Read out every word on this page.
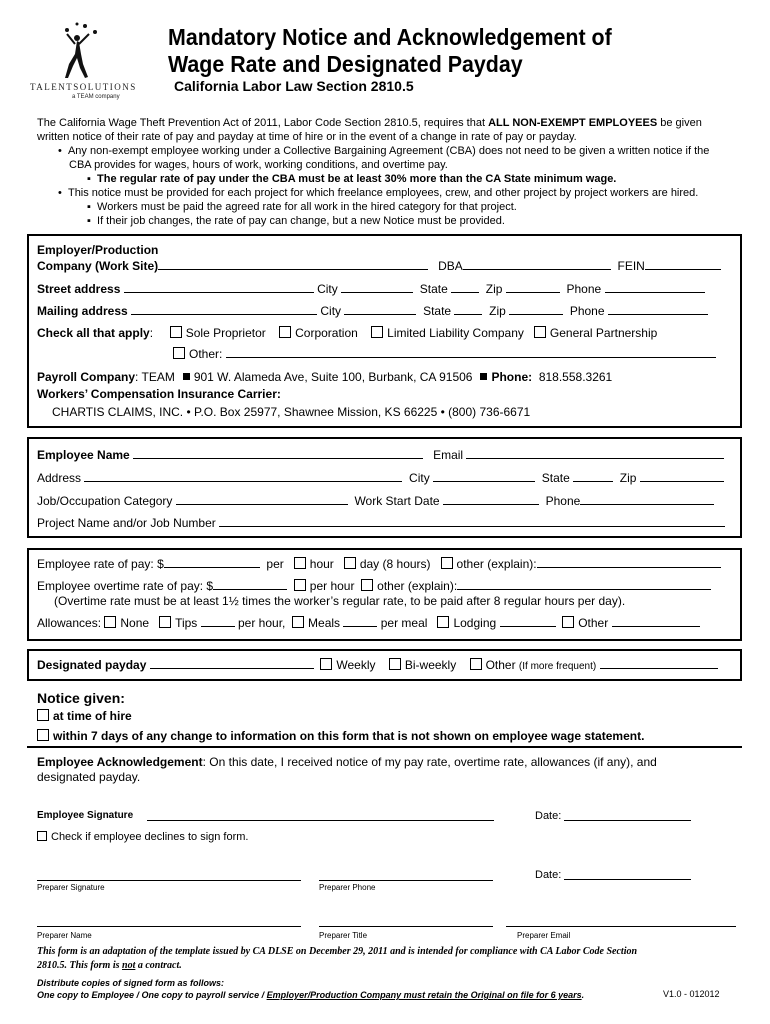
TALENTSOLUTIONS
a TEAM company
Mandatory Notice and Acknowledgement of
Wage Rate and Designated Payday
California Labor Law Section 2810.5
The California Wage Theft Prevention Act of 2011, Labor Code Section 2810.5, requires that ALL NON-EXEMPT EMPLOYEES be given
written notice of their rate of pay and payday at time of hire or in the event of a change in rate of pay or payday.
•  Any non-exempt employee working under a Collective Bargaining Agreement (CBA) does not need to be given a written notice if the
CBA provides for wages, hours of work, working conditions, and overtime pay.
▪  The regular rate of pay under the CBA must be at least 30% more than the CA State minimum wage.
•  This notice must be provided for each project for which freelance employees, crew, and other project by project workers are hired.
▪  Workers must be paid the agreed rate for all work in the hired category for that project.
▪  If their job changes, the rate of pay can change, but a new Notice must be provided.
Employer/Production
Company (Work Site)	DBA	FEIN
Street address	City	State	Zip	Phone
Mailing address	City	State	Zip	Phone
Check all that apply:     Sole Proprietor Corporation Limited Liability Company General Partnership
Other:
Payroll Company: TEAM 901 W. Alameda Ave, Suite 100, Burbank, CA 91506 Phone: 818.558.3261
Workers’ Compensation Insurance Carrier:
CHARTIS CLAIMS, INC. • P.O. Box 25977, Shawnee Mission, KS 66225 • (800) 736-6671
Employee Name	Email
Address	City	State	Zip
Job/Occupation Category	Work Start Date	Phone
Project Name and/or Job Number
Employee rate of pay: $	per hour day (8 hours) other (explain):
Employee overtime rate of pay: $	per hour other (explain):
(Overtime rate must be at least 1½ times the worker’s regular rate, to be paid after 8 regular hours per day).
Allowances: None Tips	per hour, Meals	per meal Lodging	Other
Designated payday	Weekly Bi-weekly Other (If more frequent)
Notice given:
at time of hire
within 7 days of any change to information on this form that is not shown on employee wage statement.
Employee Acknowledgement: On this date, I received notice of my pay rate, overtime rate, allowances (if any), and
designated payday.
Employee Signature	Date:
Check if employee declines to sign form.
Preparer Signature	Preparer Phone
Date:
Preparer Name	Preparer Title	Preparer Email
This form is an adaptation of the template issued by CA DLSE on December 29, 2011 and is intended for compliance with CA Labor Code Section
2810.5. This form is not a contract.
Distribute copies of signed form as follows:
One copy to Employee / One copy to payroll service / Employer/Production Company must retain the Original on file for 6 years.	V1.0 - 012012
